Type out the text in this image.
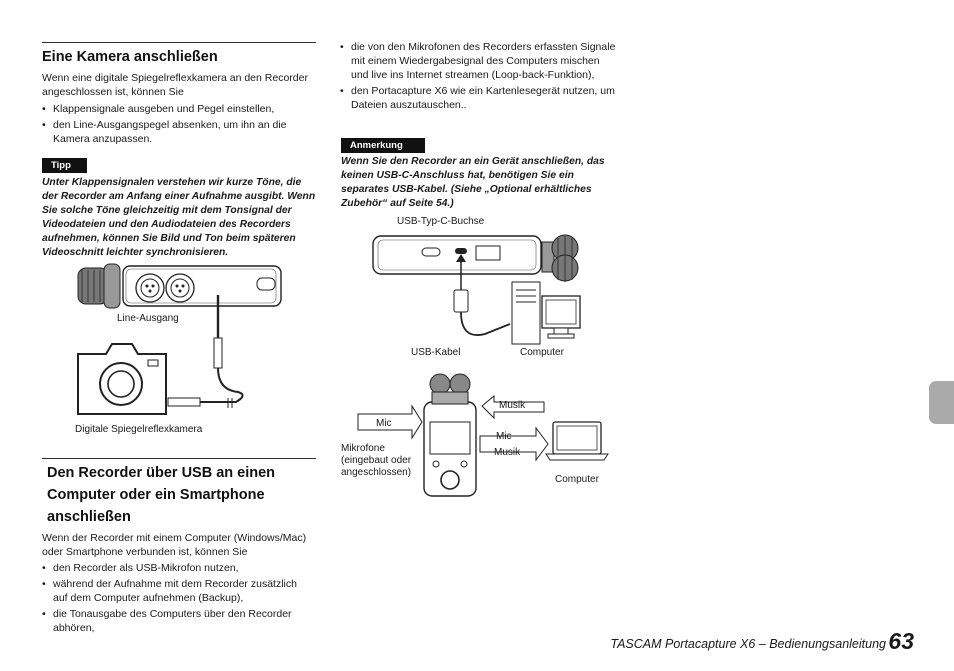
Eine Kamera anschließen
Wenn eine digitale Spiegelreflexkamera an den Recorder angeschlossen ist, können Sie
• Klappensignale ausgeben und Pegel einstellen,
• den Line-Ausgangspegel absenken, um ihn an die Kamera anzupassen.
Tipp
Unter Klappensignalen verstehen wir kurze Töne, die der Recorder am Anfang einer Aufnahme ausgibt. Wenn Sie solche Töne gleichzeitig mit dem Tonsignal der Videodateien und den Audiodateien des Recorders aufnehmen, können Sie Bild und Ton beim späteren Videoschnitt leichter synchronisieren.
Line-Ausgang
Digitale Spiegelreflexkamera
Den Recorder über USB an einen Computer oder ein Smartphone anschließen
Wenn der Recorder mit einem Computer (Windows/Mac) oder Smartphone verbunden ist, können Sie
• den Recorder als USB-Mikrofon nutzen,
• während der Aufnahme mit dem Recorder zusätzlich auf dem Computer aufnehmen (Backup),
• die Tonausgabe des Computers über den Recorder abhören,
• die von den Mikrofonen des Recorders erfassten Signale mit einem Wiedergabesignal des Computers mischen und live ins Internet streamen (Loop-back-Funktion),
• den Portacapture X6 wie ein Kartenlesegerät nutzen, um Dateien auszutauschen..
Anmerkung
Wenn Sie den Recorder an ein Gerät anschließen, das keinen USB-C-Anschluss hat, benötigen Sie ein separates USB-Kabel. (Siehe „Optional erhältliches Zubehör“ auf Seite 54.)
USB-Typ-C-Buchse
USB-Kabel	Computer
Mic
Musik
Mic
Musik
Mikrofone
(eingebaut oder
angeschlossen)
Computer
TASCAM Portacapture X6 – Bedienungsanleitung 63
